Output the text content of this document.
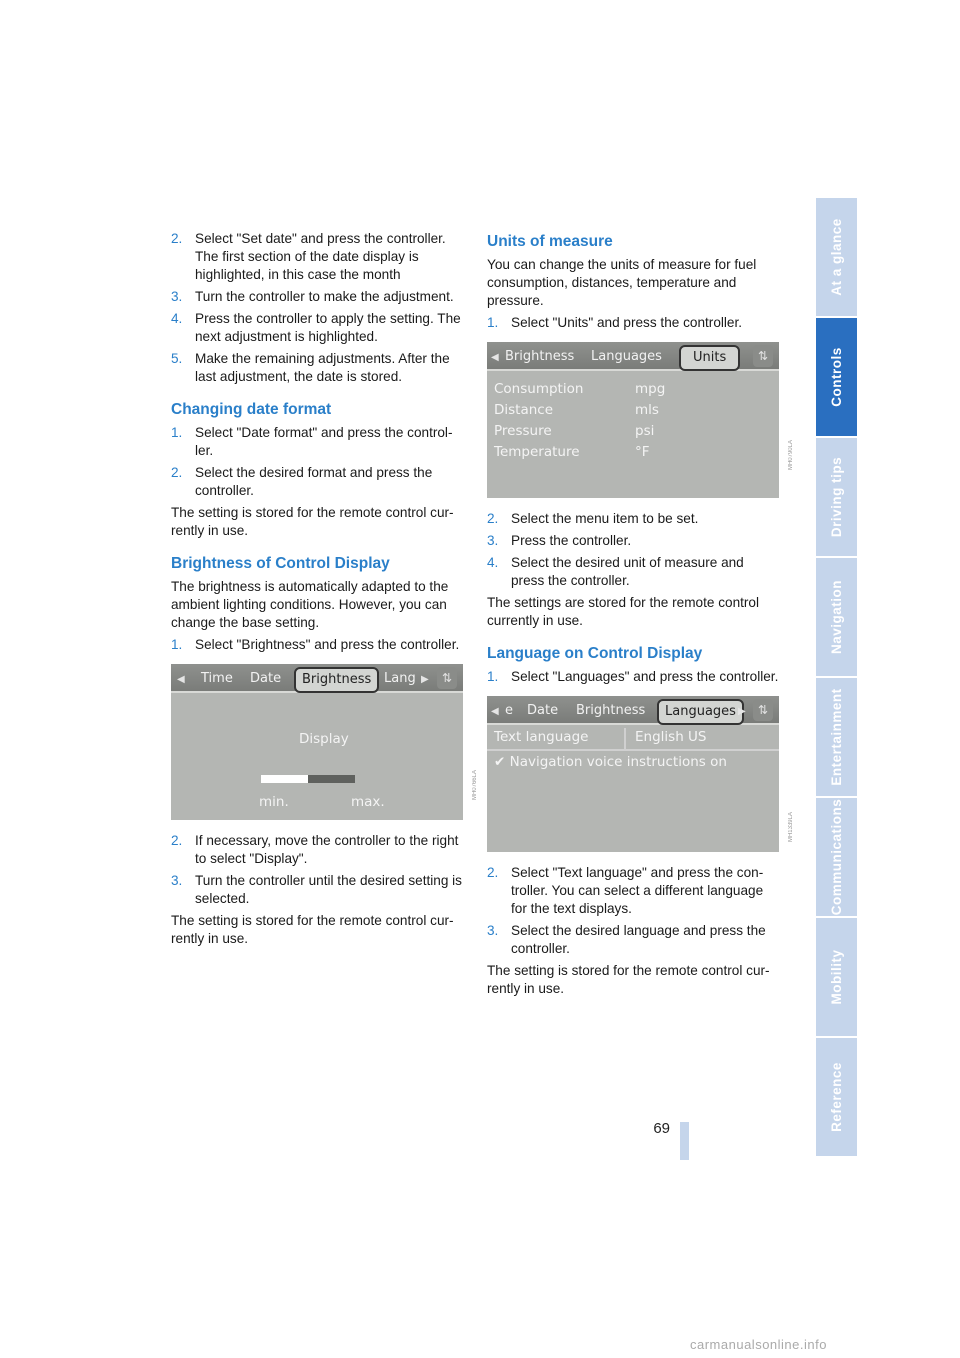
2. Select "Set date" and press the controller. The first section of the date display is highlighted, in this case the month
3. Turn the controller to make the adjustment.
4. Press the controller to apply the setting. The next adjustment is highlighted.
5. Make the remaining adjustments. After the last adjustment, the date is stored.
Changing date format
1. Select "Date format" and press the controller.
2. Select the desired format and press the controller.

The setting is stored for the remote control currently in use.

Brightness of Control Display

The brightness is automatically adapted to the ambient lighting conditions. However, you can change the base setting.

1. Select "Brightness" and press the controller.
◀ Time Date	Brightness Lang ▶	⇅
Display
min.	max.
2. If necessary, move the controller to the right to select "Display".
3. Turn the controller until the desired setting is selected.

The setting is stored for the remote control currently in use.

MH0766LA
MH0790LA
MH1339LA
Units of measure

You can change the units of measure for fuel consumption, distances, temperature and pressure.

1. Select "Units" and press the controller.
◀ Brightness Languages	Units	⇅
Consumption	mpg
Distance	mls
Pressure	psi
Temperature	°F
2. Select the menu item to be set.
3. Press the controller.
4. Select the desired unit of measure and press the controller.

The settings are stored for the remote control currently in use.

Language on Control Display
1. Select "Languages" and press the controller.
◀ e Date Brightness	Languages ▶	⇅
Text language	English US
✔ Navigation voice instructions on
2. Select "Text language" and press the controller. You can select a different language for the text displays.
3. Select the desired language and press the controller.

The setting is stored for the remote control currently in use.

At a glance
Controls
Driving tips
Navigation
Entertainment
Communications
Mobility
Reference
69
carmanualsonline.info
